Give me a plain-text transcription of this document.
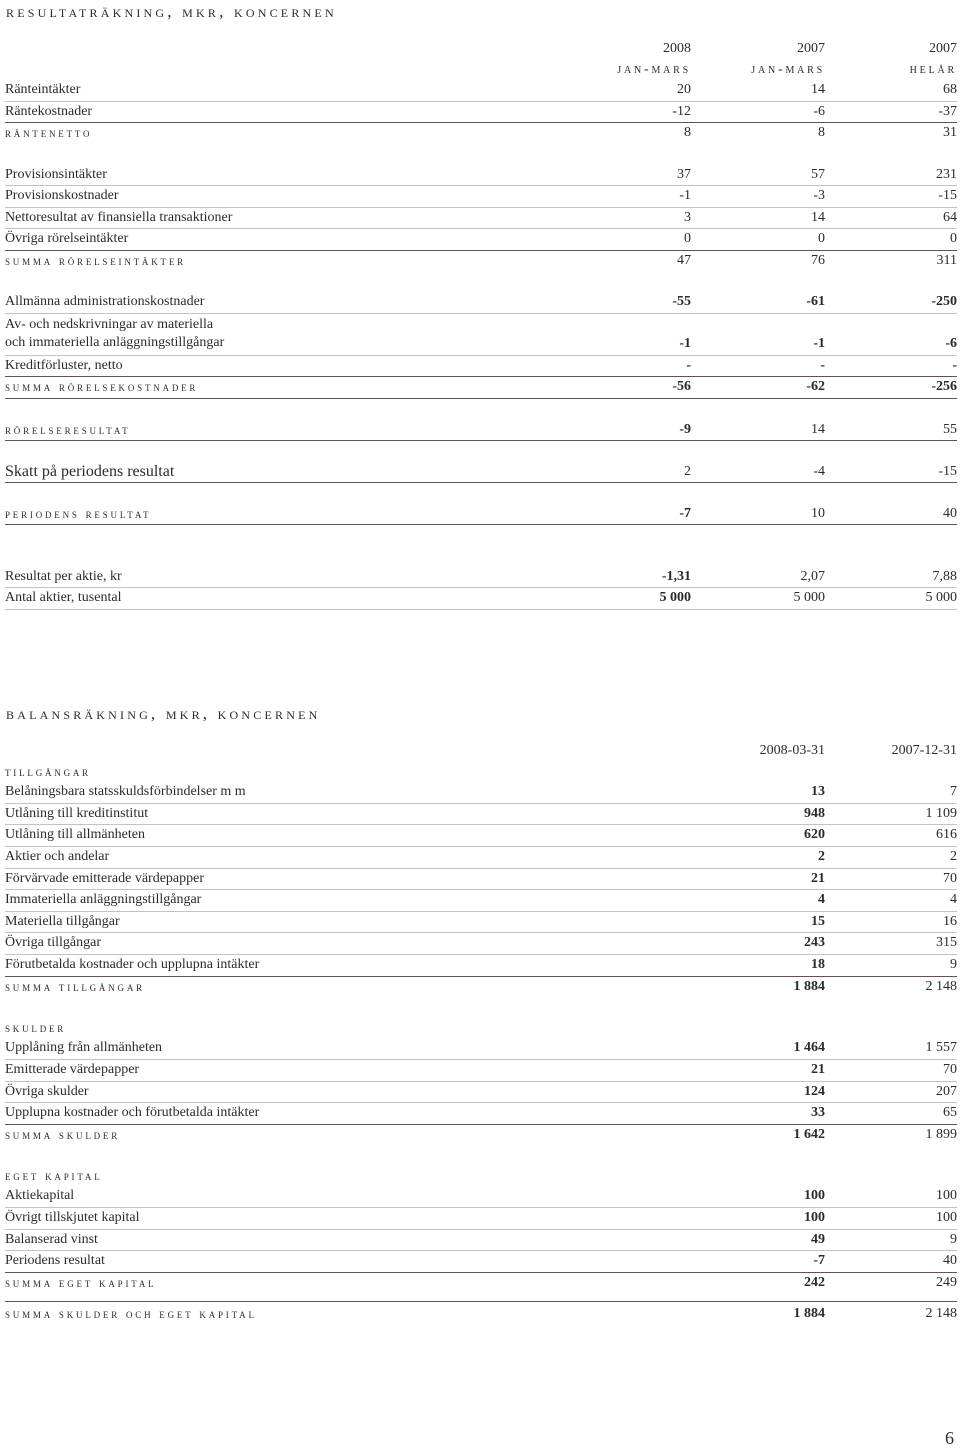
resultaträkning, mkr, koncernen
2008	2007	2007
jan-mars	jan-mars	helår
Ränteintäkter	20	14	68
Räntekostnader	-12	-6	-37
räntenetto	8	8	31
Provisionsintäkter	37	57	231
Provisionskostnader	-1	-3	-15
Nettoresultat av finansiella transaktioner	3	14	64
Övriga rörelseintäkter	0	0	0
summa rörelseintäkter	47	76	311
Allmänna administrationskostnader	-55	-61	-250
Av- och nedskrivningar av materiella
och immateriella anläggningstillgångar	-1	-1	-6
Kreditförluster, netto	-	-	-
summa rörelsekostnader	-56	-62	-256
rörelseresultat	-9	14	55
Skatt på periodens resultat	2	-4	-15
periodens resultat	-7	10	40
Resultat per aktie, kr	-1,31	2,07	7,88
Antal aktier, tusental	5 000	5 000	5 000
balansräkning, mkr, koncernen
2008-03-31	2007-12-31
tillgångar
Belåningsbara statsskuldsförbindelser m m	13	7
Utlåning till kreditinstitut	948	1 109
Utlåning till allmänheten	620	616
Aktier och andelar	2	2
Förvärvade emitterade värdepapper	21	70
Immateriella anläggningstillgångar	4	4
Materiella tillgångar	15	16
Övriga tillgångar	243	315
Förutbetalda kostnader och upplupna intäkter	18	9
summa tillgångar	1 884	2 148
skulder
Upplåning från allmänheten	1 464	1 557
Emitterade värdepapper	21	70
Övriga skulder	124	207
Upplupna kostnader och förutbetalda intäkter	33	65
summa skulder	1 642	1 899
eget kapital
Aktiekapital	100	100
Övrigt tillskjutet kapital	100	100
Balanserad vinst	49	9
Periodens resultat	-7	40
summa eget kapital	242	249
summa skulder och eget kapital	1 884	2 148
6
